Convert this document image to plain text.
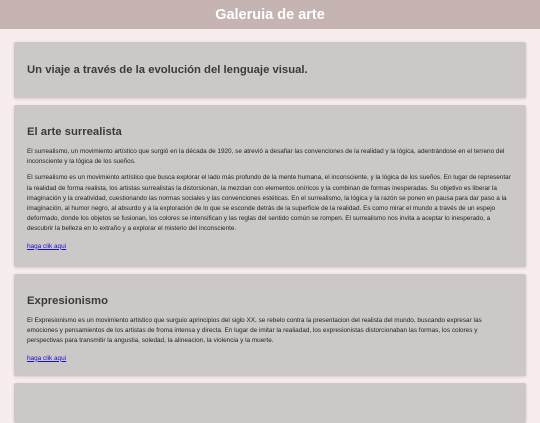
Galeruia de arte

Un viaje a través de la evolución del lenguaje visual.

El arte surrealista

El surrealismo, un movimiento artístico que surgió en la década de 1920, se atrevió a desafiar las convenciones de la realidad y la lógica, adentrándose en el terreno del inconsciente y la lógica de los sueños.

El surrealismo es un movimiento artístico que busca explorar el lado más profundo de la mente humana, el inconsciente, y la lógica de los sueños. En lugar de representar la realidad de forma realista, los artistas surrealistas la distorsionan, la mezclan con elementos oníricos y la combinan de formas inesperadas. Su objetivo es liberar la imaginación y la creatividad, cuestionando las normas sociales y las convenciones estéticas. En el surrealismo, la lógica y la razón se ponen en pausa para dar paso a la imaginación, al humor negro, al absurdo y a la exploración de lo que se esconde detrás de la superficie de la realidad. Es como mirar el mundo a través de un espejo deformado, donde los objetos se fusionan, los colores se intensifican y las reglas del sentido común se rompen. El surrealismo nos invita a aceptar lo inesperado, a descubrir la belleza en lo extraño y a explorar el misterio del inconsciente.

haga clik aqui
Expresionismo

El Expresionismo es un movimiento artistico que surguio aprincipios del siglo XX, se rebelo contra la presentacion del realista del mundo, buscando expresar las emociones y pensamientos de los artistas de froma intensa y directa. En lugar de imitar la realiadad, los expresionistas distorcionaban las formas, los colores y perspectivas para transmitir la angustia, soledad, la alineacion, la violencia y la muerte.

haga clik aqui
